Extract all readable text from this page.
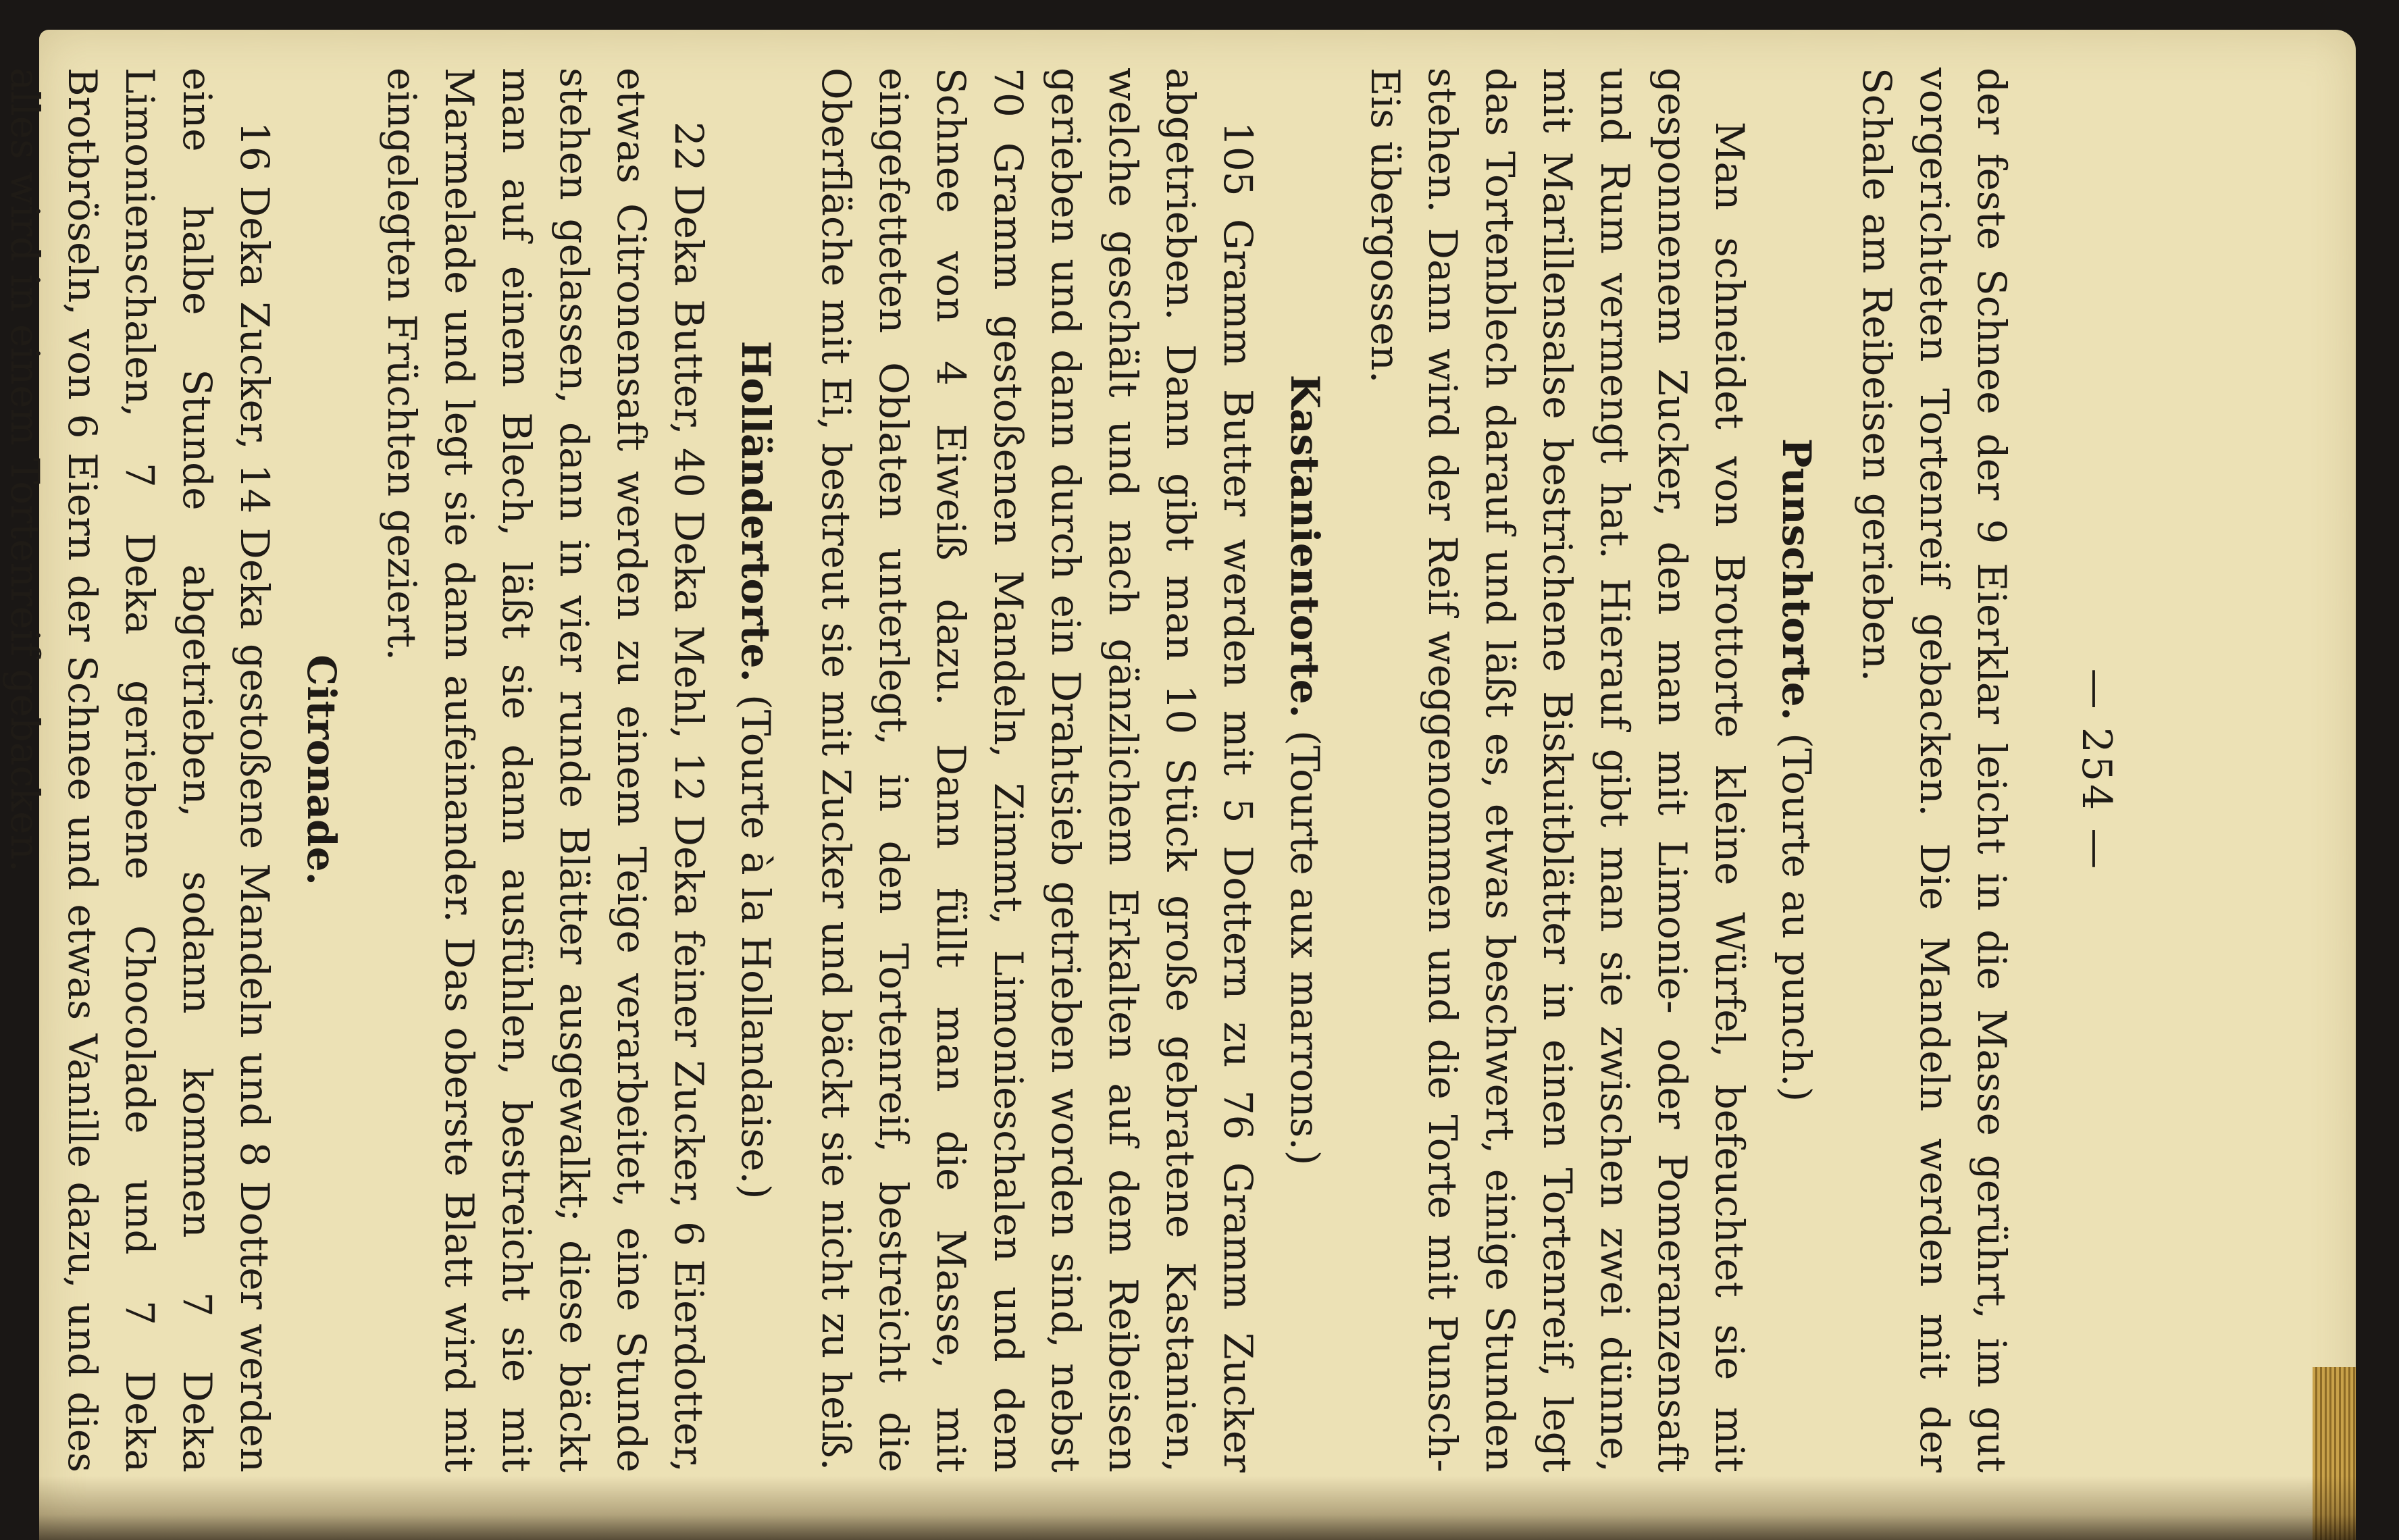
— 254 —

der feste Schnee der 9 Eierklar leicht in die Masse gerührt, im gut vorgerichteten Tortenreif gebacken. Die Mandeln werden mit der Schale am Reibeisen gerieben.

Punschtorte. (Tourte au punch.)

Man schneidet von Brottorte kleine Würfel, befeuchtet sie mit gesponnenem Zucker, den man mit Limonie- oder Pomeranzensaft und Rum vermengt hat. Hierauf gibt man sie zwischen zwei dünne, mit Marillensalse bestrichene Biskuitblätter in einen Tortenreif, legt das Tortenblech darauf und läßt es, etwas beschwert, einige Stunden stehen. Dann wird der Reif weggenommen und die Torte mit Punsch-Eis übergossen.

Kastanientorte. (Tourte aux marrons.)

105 Gramm Butter werden mit 5 Dottern zu 76 Gramm Zucker abgetrieben. Dann gibt man 10 Stück große gebratene Kastanien, welche geschält und nach gänzlichem Erkalten auf dem Reibeisen gerieben und dann durch ein Drahtsieb getrieben worden sind, nebst 70 Gramm gestoßenen Mandeln, Zimmt, Limonieschalen und dem Schnee von 4 Eiweiß dazu. Dann füllt man die Masse, mit eingefetteten Oblaten unterlegt, in den Tortenreif, bestreicht die Oberfläche mit Ei, bestreut sie mit Zucker und bäckt sie nicht zu heiß.

Holländertorte. (Tourte à la Hollandaise.)

22 Deka Butter, 40 Deka Mehl, 12 Deka feiner Zucker, 6 Eierdotter, etwas Citronensaft werden zu einem Teige verarbeitet, eine Stunde stehen gelassen, dann in vier runde Blätter ausgewalkt; diese bäckt man auf einem Blech, läßt sie dann ausfühlen, bestreicht sie mit Marmelade und legt sie dann aufeinander. Das oberste Blatt wird mit eingelegten Früchten geziert.

Citronade.

16 Deka Zucker, 14 Deka gestoßene Mandeln und 8 Dotter werden eine halbe Stunde abgetrieben, sodann kommen 7 Deka Limonienschalen, 7 Deka geriebene Chocolade und 7 Deka Brotbröseln, von 6 Eiern der Schnee und etwas Vanille dazu, und dies alles wird in einem Tortenreif gebacken.
